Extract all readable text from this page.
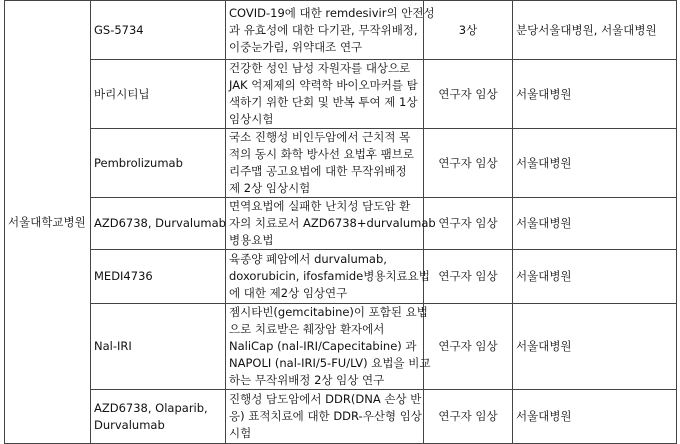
서울대학교병원	GS-5734	COVID-19에 대한 remdesivir의 안전성
과 유효성에 대한 다기관, 무작위배정,
이중눈가림, 위약대조 연구	3상	분당서울대병원, 서울대병원

	바리시티닙	건강한 성인 남성 자원자를 대상으로
JAK 억제제의 약력학 바이오마커를 탐
색하기 위한 단회 및 반복 투여 제 1상
임상시험	연구자 임상	서울대병원

	Pembrolizumab	국소 진행성 비인두암에서 근치적 목
적의 동시 화학 방사선 요법후 팸브로
리주맵 공고요법에 대한 무작위배정
제 2상 임상시험	연구자 임상	서울대병원

	AZD6738, Durvalumab	면역요법에 실패한 난치성 담도암 환
자의 치료로서 AZD6738+durvalumab
병용요법	연구자 임상	서울대병원

	MEDI4736	육종양 폐암에서 durvalumab,
doxorubicin, ifosfamide병용치료요법
에 대한 제2상 임상연구	연구자 임상	서울대병원

	Nal-IRI	젬시타빈(gemcitabine)이 포함된 요법
으로 치료받은 췌장암 환자에서
NaliCap (nal-IRI/Capecitabine) 과
NAPOLI (nal-IRI/5-FU/LV) 요법을 비교
하는 무작위배정 2상 임상 연구	연구자 임상	서울대병원

	AZD6738, Olaparib,
Durvalumab	진행성 담도암에서 DDR(DNA 손상 반
응) 표적치료에 대한 DDR-우산형 임상
시험	연구자 임상	서울대병원
